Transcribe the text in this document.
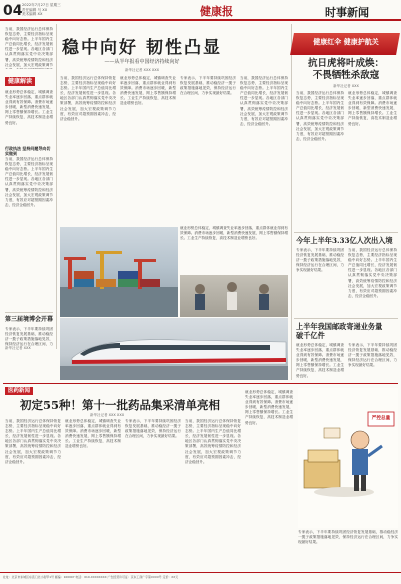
04 2022年7月27日 星期三
责任编辑 马 XX
美术编辑 XX	健康报	时事新闻
稳中向好 韧性凸显
——从半年报看中国经济持续向好
新华社记者 XXX XXX
当前，我国经济运行总体保持恢复态势，主要经济指标呈现稳中向好态势。上半年国内生产总值同比增长，经济发展韧性进一步显现。各地区各部门认真贯彻落实党中央决策部署，高效统筹疫情防控和经济社会发展，加大宏观政策调节
健康解读
就业形势总体稳定，城镇调查失业率逐步回落，重点群体就业得到有效保障。消费市场逐步回暖，新型消费快速发展，网上零售额保持增长。工业生产持续恢复，高技术制造业增势良好。
行政执法 坚持问题导向切实做到
当前，我国经济运行总体保持恢复态势，主要经济指标呈现稳中向好态势。上半年国内生产总值同比增长，经济发展韧性进一步显现。各地区各部门认真贯彻落实党中央决策部署，高效统筹疫情防控和经济社会发展，加大宏观政策调节力度，有效应对超预期因素冲击，经济企稳回升。
第三届境博会开幕
专家表示，下半年要持续巩固经济恢复发展基础，推动稳经济一揽子政策措施落地见效，保持经济运行在合理区间，力
新华社记者 XXX
当前，我国经济运行总体保持恢复态势，主要经济指标呈现稳中向好态势。上半年国内生产总值同比增长，经济发展韧性进一步显现。各地区各部门认真贯彻落实党中央决策部署，高效统筹疫情防控和经济社会发展，加大宏观政策调节力度，有效应对超预期因素冲击，经济企稳回升。
就业形势总体稳定，城镇调查失业率逐步回落，重点群体就业得到有效保障。消费市场逐步回暖，新型消费快速发展，网上零售额保持增长。工业生产持续恢复，高技术制造业增势良好。
专家表示，下半年要持续巩固经济恢复发展基础，推动稳经济一揽子政策措施落地见效，保持经济运行在合理区间，力争实现最好结果。
当前，我国经济运行总体保持恢复态势，主要经济指标呈现稳中向好态势。上半年国内生产总值同比增长，经济发展韧性进一步显现。各地区各部门认真贯彻落实党中央决策部署，高效统筹疫情防控和经济社会发展，加大宏观政策调节力度，有效应对超预期因素冲击，经济企稳回升。
就业形势总体稳定，城镇调查失业率逐步回落，重点群体就业得到有效保障。消费市场逐步回暖，新型消费快速发展，网上零售额保持增长。工业生产持续恢复，高技术制造业增势良好。
健康红伞 健康护航关
抗日虎将叶成焕：
不畏牺牲杀敌寇
新华社记者 XXX
当前，我国经济运行总体保持恢复态势，主要经济指标呈现稳中向好态势。上半年国内生产总值同比增长，经济发展韧性进一步显现。各地区各部门认真贯彻落实党中央决策部署，高效统筹疫情防控和经济社会发展，加大宏观政策调节力度，有效应对超预期因素冲击，经济企稳回升。
就业形势总体稳定，城镇调查失业率逐步回落，重点群体就业得到有效保障。消费市场逐步回暖，新型消费快速发展，网上零售额保持增长。工业生产持续恢复，高技术制造业增势良好。
今年上半年3.33亿人次出入境
专家表示，下半年要持续巩固经济恢复发展基础，推动稳经济一揽子政策措施落地见效，保持经济运行在合理区间，力争实现最好结果。
当前，我国经济运行总体保持恢复态势，主要经济指标呈现稳中向好态势。上半年国内生产总值同比增长，经济发展韧性进一步显现。各地区各部门认真贯彻落实党中央决策部署，高效统筹疫情防控和经济社会发展，加大宏观政策调节力度，有效应对超预期因素冲击，经济企稳回升。
上半年我国邮政寄递业务量
破千亿件
就业形势总体稳定，城镇调查失业率逐步回落，重点群体就业得到有效保障。消费市场逐步回暖，新型消费快速发展，网上零售额保持增长。工业生产持续恢复，高技术制造业增势良好。
专家表示，下半年要持续巩固经济恢复发展基础，推动稳经济一揽子政策措施落地见效，保持经济运行在合理区间，力争实现最好结果。
医药新闻
初定55种！第十一批药品集采清单亮相
新华社记者 XXX XXX
当前，我国经济运行总体保持恢复态势，主要经济指标呈现稳中向好态势。上半年国内生产总值同比增长，经济发展韧性进一步显现。各地区各部门认真贯彻落实党中央决策部署，高效统筹疫情防控和经济社会发展，加大宏观政策调节力度，有效应对超预期因素冲击，经济企稳回升。
就业形势总体稳定，城镇调查失业率逐步回落，重点群体就业得到有效保障。消费市场逐步回暖，新型消费快速发展，网上零售额保持增长。工业生产持续恢复，高技术制造业增势良好。
专家表示，下半年要持续巩固经济恢复发展基础，推动稳经济一揽子政策措施落地见效，保持经济运行在合理区间，力争实现最好结果。
当前，我国经济运行总体保持恢复态势，主要经济指标呈现稳中向好态势。上半年国内生产总值同比增长，经济发展韧性进一步显现。各地区各部门认真贯彻落实党中央决策部署，高效统筹疫情防控和经济社会发展，加大宏观政策调节力度，有效应对超预期因素冲击，经济企稳回升。
就业形势总体稳定，城镇调查失业率逐步回落，重点群体就业得到有效保障。消费市场逐步回暖，新型消费快速发展，网上零售额保持增长。工业生产持续恢复，高技术制造业增势良好。
严控总量
专家表示，下半年要持续巩固经济恢复发展基础，推动稳经济一揽子政策措施落地见效，保持经济运行在合理区间，力争实现最好结果。
社址：北京市东城区东直门北小街甲1号 邮编：100007 电话：010-XXXXXXXX 广告经营许可证：京东工商广字第XXXX号 定价：XX元
